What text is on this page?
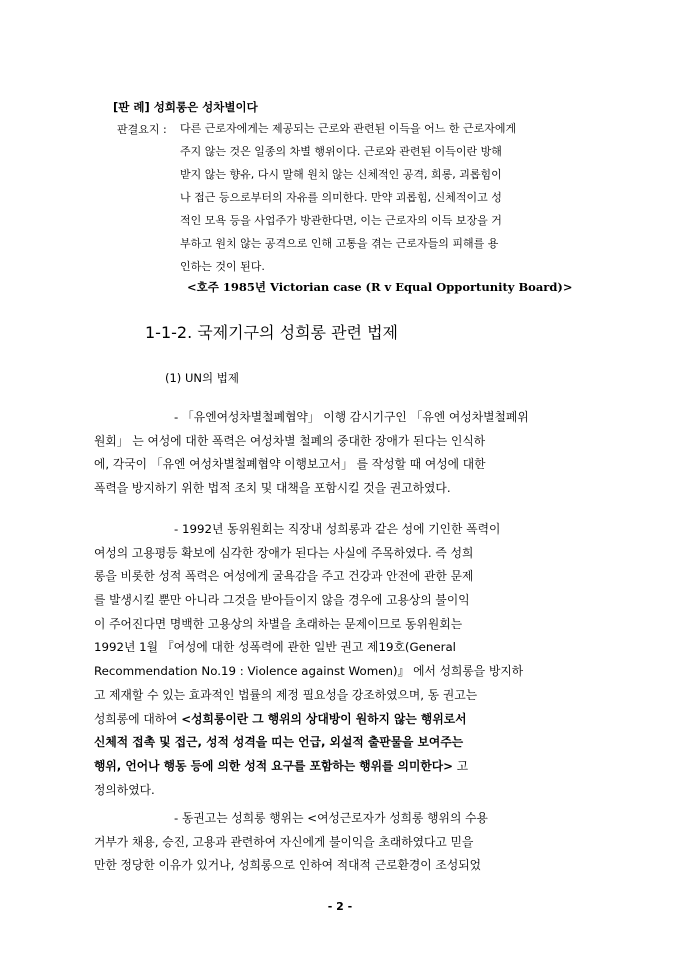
[판 례] 성희롱은 성차별이다
판결요지 : 다른 근로자에게는 제공되는 근로와 관련된 이득을 어느 한 근로자에게
주지 않는 것은 일종의 차별 행위이다. 근로와 관련된 이득이란 방해
받지 않는 향유, 다시 말해 원치 않는 신체적인 공격, 희롱, 괴롭힘이
나 접근 등으로부터의 자유를 의미한다. 만약 괴롭힘, 신체적이고 성
적인 모욕 등을 사업주가 방관한다면, 이는 근로자의 이득 보장을 거
부하고 원치 않는 공격으로 인해 고통을 겪는 근로자들의 피해를 용
인하는 것이 된다.
<호주 1985년 Victorian case (R v Equal Opportunity Board)>
1-1-2. 국제기구의 성희롱 관련 법제
(1) UN의 법제
- 「유엔여성차별철폐협약」 이행 감시기구인 「유엔 여성차별철폐위
원회」 는 여성에 대한 폭력은 여성차별 철폐의 중대한 장애가 된다는 인식하
에, 각국이 「유엔 여성차별철폐협약 이행보고서」 를 작성할 때 여성에 대한
폭력을 방지하기 위한 법적 조치 및 대책을 포함시킬 것을 권고하였다.
- 1992년 동위원회는 직장내 성희롱과 같은 성에 기인한 폭력이
여성의 고용평등 확보에 심각한 장애가 된다는 사실에 주목하였다. 즉 성희
롱을 비롯한 성적 폭력은 여성에게 굴욕감을 주고 건강과 안전에 관한 문제
를 발생시킬 뿐만 아니라 그것을 받아들이지 않을 경우에 고용상의 불이익
이 주어진다면 명백한 고용상의 차별을 초래하는 문제이므로 동위원회는
1992년 1월 『여성에 대한 성폭력에 관한 일반 권고 제19호(General
Recommendation No.19 : Violence against Women)』 에서 성희롱을 방지하
고 제재할 수 있는 효과적인 법률의 제정 필요성을 강조하였으며, 동 권고는
성희롱에 대하여 <성희롱이란 그 행위의 상대방이 원하지 않는 행위로서
신체적 접촉 및 접근, 성적 성격을 띠는 언급, 외설적 출판물을 보여주는
행위, 언어나 행동 등에 의한 성적 요구를 포함하는 행위를 의미한다> 고
정의하였다.
- 동권고는 성희롱 행위는 <여성근로자가 성희롱 행위의 수용
거부가 채용, 승진, 고용과 관련하여 자신에게 불이익을 초래하였다고 믿을
만한 정당한 이유가 있거나, 성희롱으로 인하여 적대적 근로환경이 조성되었
- 2 -
